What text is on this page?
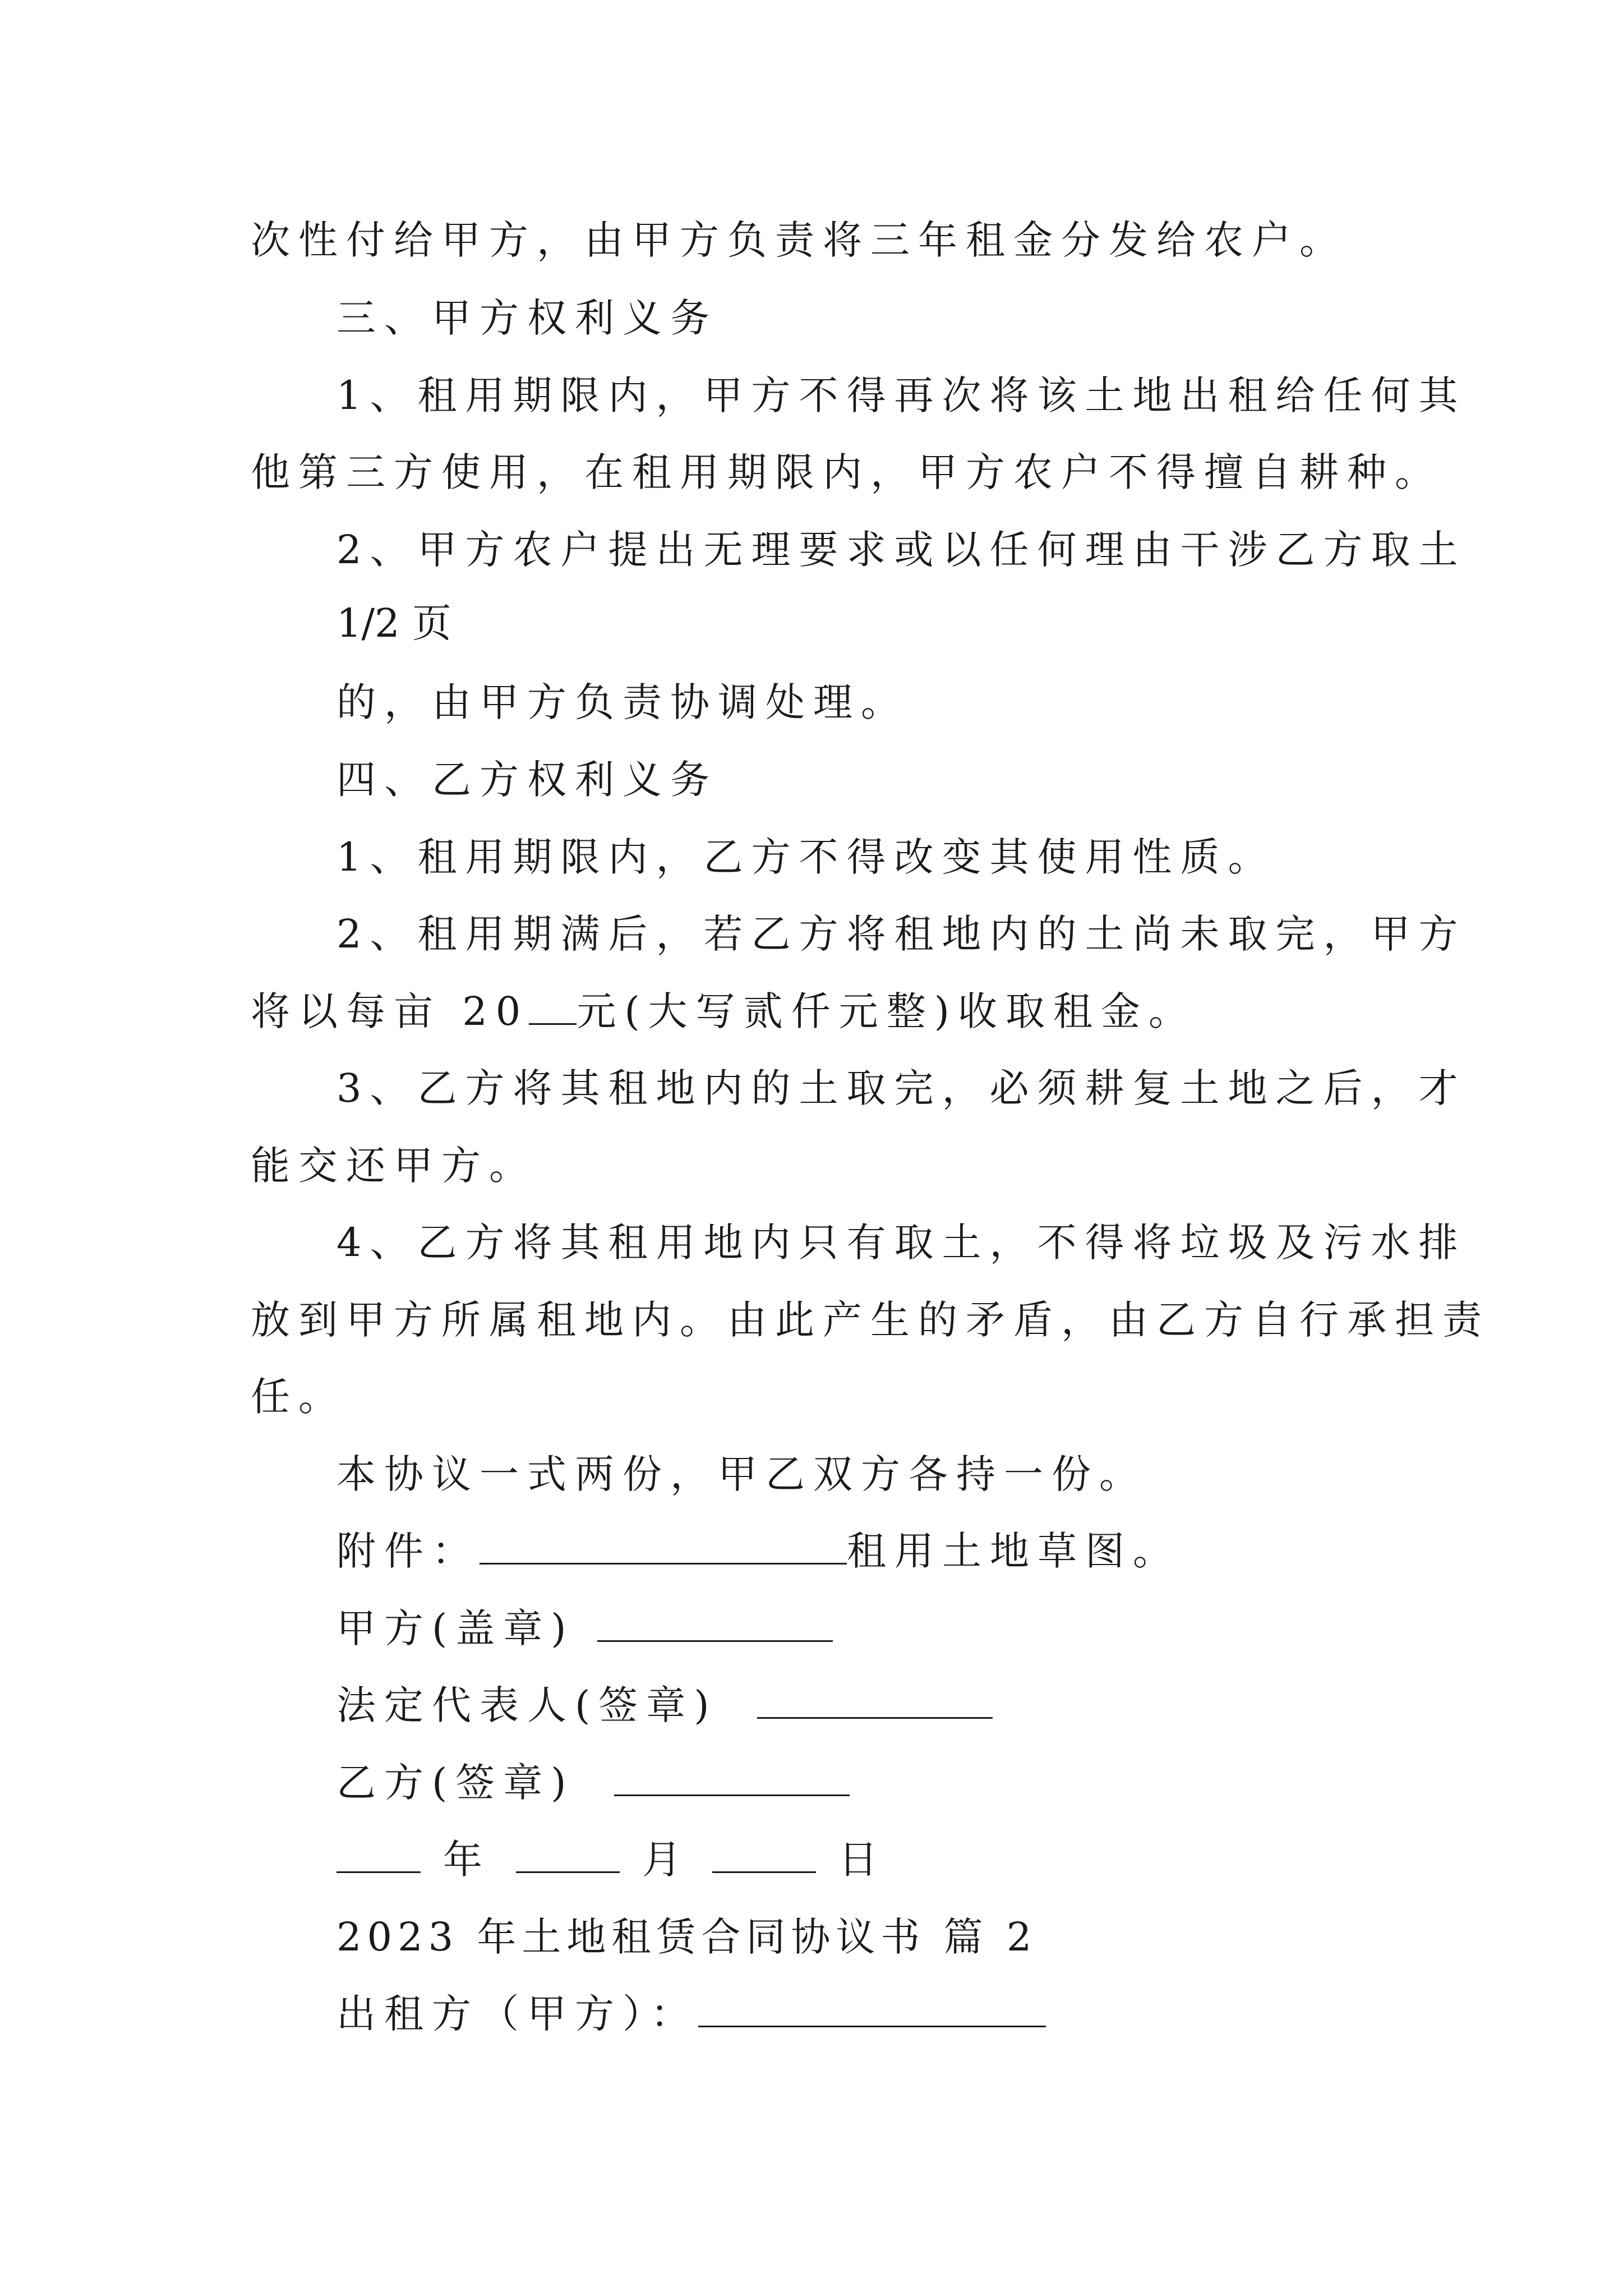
次性付给甲方，由甲方负责将三年租金分发给农户。
三、甲方权利义务
1、租用期限内，甲方不得再次将该土地出租给任何其
他第三方使用，在租用期限内，甲方农户不得擅自耕种。
2、甲方农户提出无理要求或以任何理由干涉乙方取土
1/2 页
的，由甲方负责协调处理。
四、乙方权利义务
1、租用期限内，乙方不得改变其使用性质。
2、租用期满后，若乙方将租地内的土尚未取完，甲方
将以每亩 20 元(大写贰仟元整)收取租金。
3、乙方将其租地内的土取完，必须耕复土地之后，才
能交还甲方。
4、乙方将其租用地内只有取土，不得将垃圾及污水排
放到甲方所属租地内。由此产生的矛盾，由乙方自行承担责
任。
本协议一式两份，甲乙双方各持一份。
附件：	租用土地草图。
甲方(盖章)
法定代表人(签章)
乙方(签章)
年	月	日
2023 年土地租赁合同协议书 篇 2
出租方（甲方）：
